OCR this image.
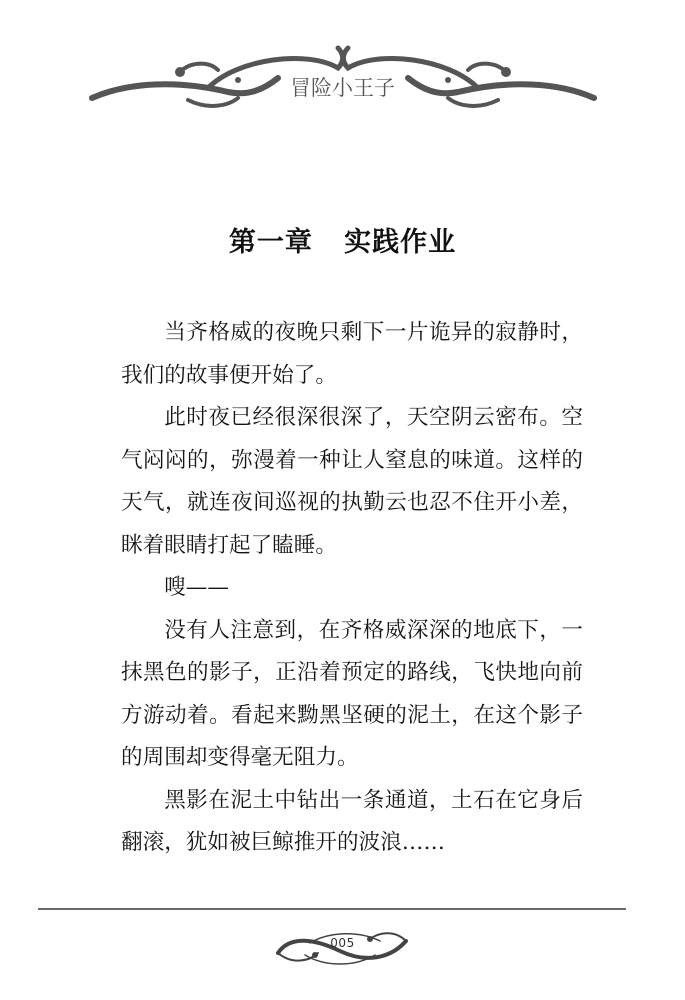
冒险小王子
第一章   实践作业

当齐格威的夜晚只剩下一片诡异的寂静时，我们的故事便开始了。

此时夜已经很深很深了，天空阴云密布。空气闷闷的，弥漫着一种让人窒息的味道。这样的天气，就连夜间巡视的执勤云也忍不住开小差，眯着眼睛打起了瞌睡。

嗖——

没有人注意到，在齐格威深深的地底下，一抹黑色的影子，正沿着预定的路线，飞快地向前方游动着。看起来黝黑坚硬的泥土，在这个影子的周围却变得毫无阻力。

黑影在泥土中钻出一条通道，土石在它身后翻滚，犹如被巨鲸推开的波浪……

005
